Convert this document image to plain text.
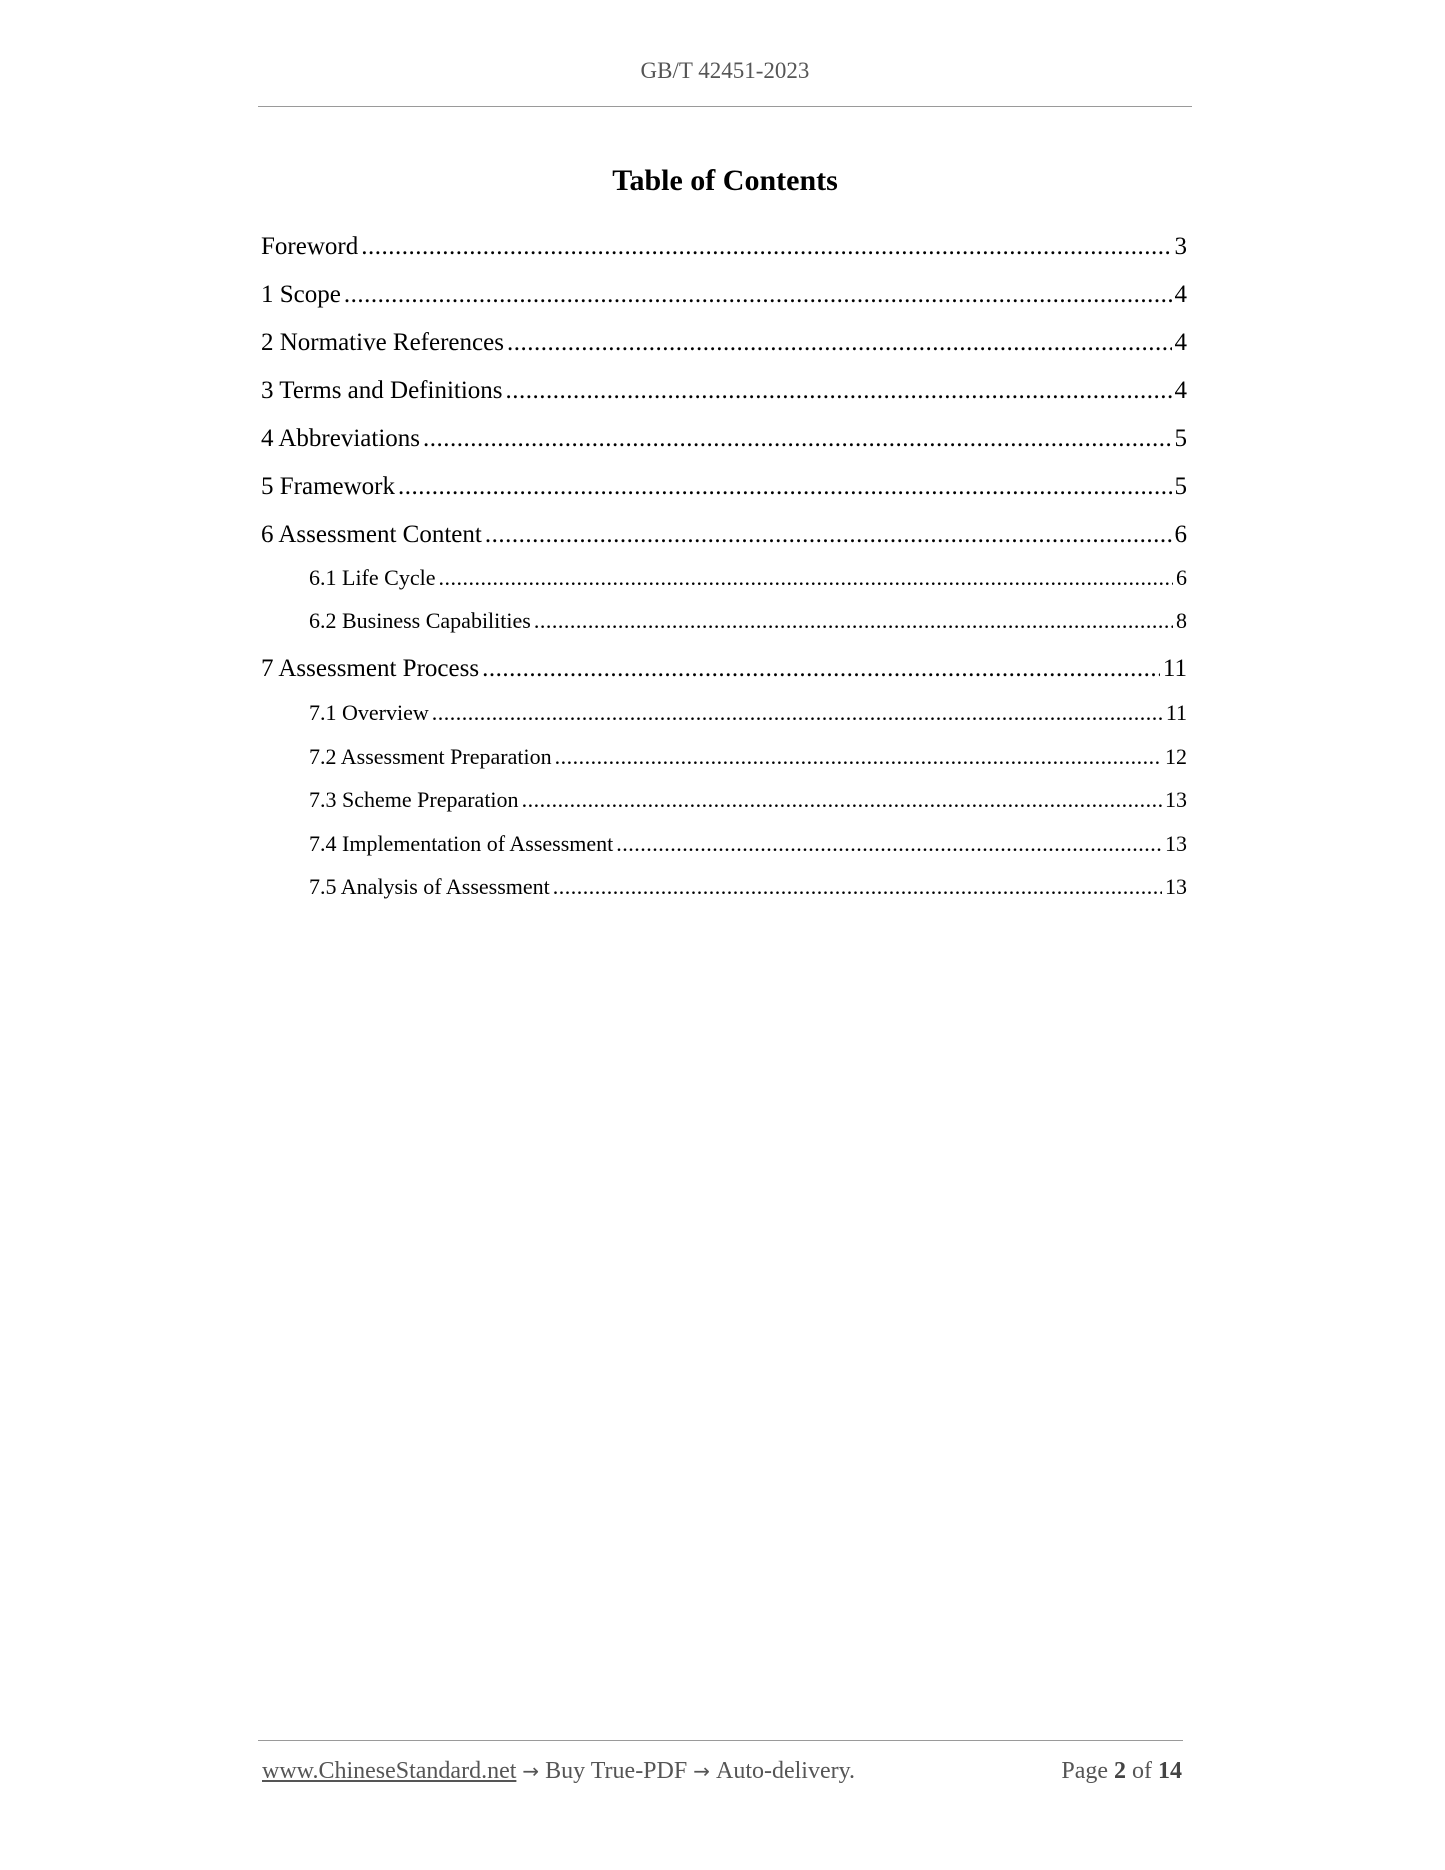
GB/T 42451-2023
Table of Contents
Foreword .....	3
1 Scope .....	4
2 Normative References .....	4
3 Terms and Definitions .....	4
4 Abbreviations .....	5
5 Framework .....	5
6 Assessment Content .....	6
6.1 Life Cycle .....	6
6.2 Business Capabilities .....	8
7 Assessment Process .....	11
7.1 Overview .....	11
7.2 Assessment Preparation .....	12
7.3 Scheme Preparation .....	13
7.4 Implementation of Assessment .....	13
7.5 Analysis of Assessment .....	13
www.ChineseStandard.net → Buy True-PDF → Auto-delivery.	Page 2 of 14
